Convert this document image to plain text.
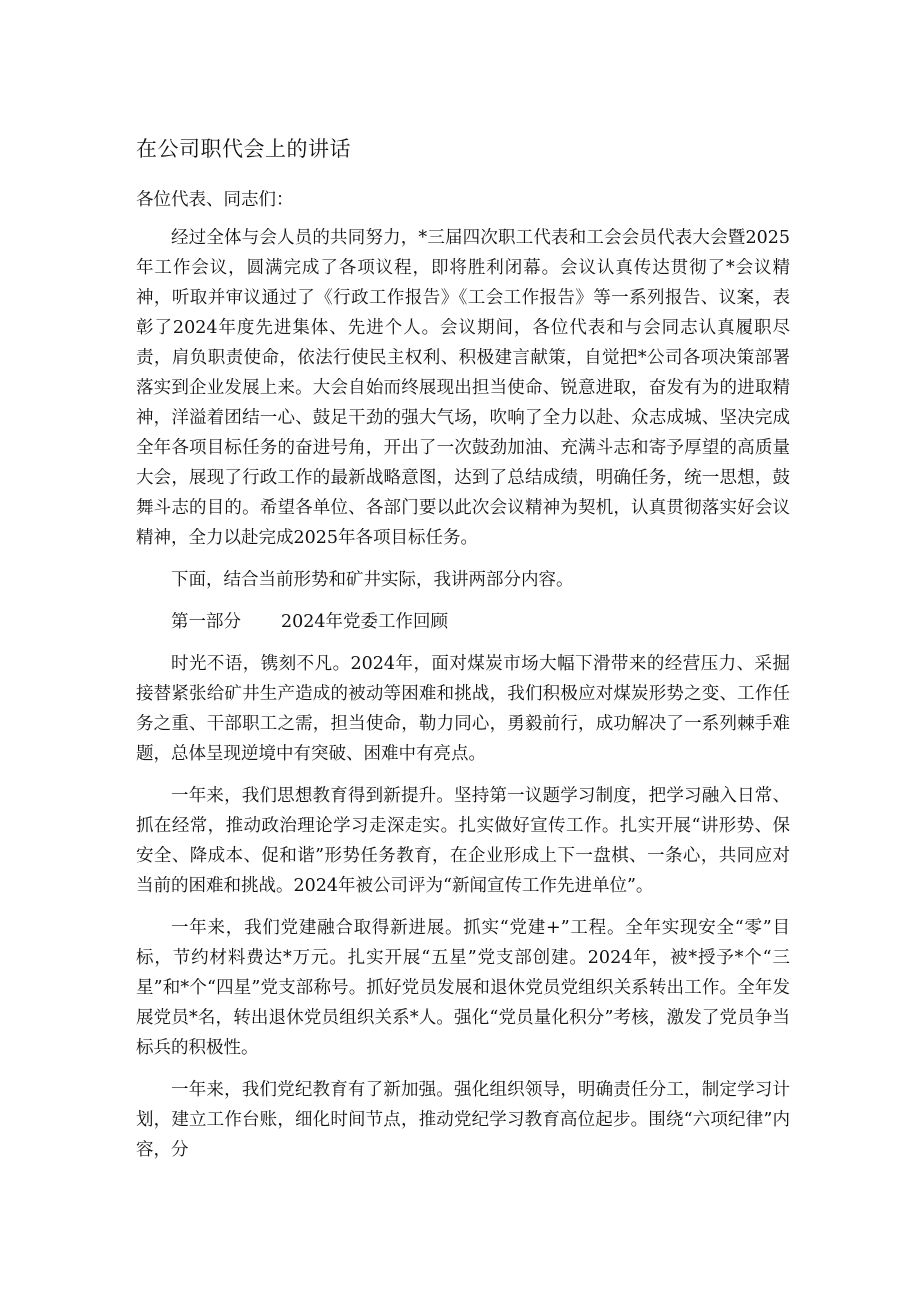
在公司职代会上的讲话
各位代表、同志们：

经过全体与会人员的共同努力，*三届四次职工代表和工会会员代表大会暨2025年工作会议，圆满完成了各项议程，即将胜利闭幕。会议认真传达贯彻了*会议精神，听取并审议通过了《行政工作报告》《工会工作报告》等一系列报告、议案，表彰了2024年度先进集体、先进个人。会议期间，各位代表和与会同志认真履职尽责，肩负职责使命，依法行使民主权利、积极建言献策，自觉把*公司各项决策部署落实到企业发展上来。大会自始而终展现出担当使命、锐意进取，奋发有为的进取精神，洋溢着团结一心、鼓足干劲的强大气场，吹响了全力以赴、众志成城、坚决完成全年各项目标任务的奋进号角，开出了一次鼓劲加油、充满斗志和寄予厚望的高质量大会，展现了行政工作的最新战略意图，达到了总结成绩，明确任务，统一思想，鼓舞斗志的目的。希望各单位、各部门要以此次会议精神为契机，认真贯彻落实好会议精神，全力以赴完成2025年各项目标任务。

下面，结合当前形势和矿井实际，我讲两部分内容。

第一部分 2024年党委工作回顾

时光不语，镌刻不凡。2024年，面对煤炭市场大幅下滑带来的经营压力、采掘接替紧张给矿井生产造成的被动等困难和挑战，我们积极应对煤炭形势之变、工作任务之重、干部职工之需，担当使命，勒力同心，勇毅前行，成功解决了一系列棘手难题，总体呈现逆境中有突破、困难中有亮点。

一年来，我们思想教育得到新提升。坚持第一议题学习制度，把学习融入日常、抓在经常，推动政治理论学习走深走实。扎实做好宣传工作。扎实开展“讲形势、保安全、降成本、促和谐”形势任务教育，在企业形成上下一盘棋、一条心，共同应对当前的困难和挑战。2024年被公司评为“新闻宣传工作先进单位”。

一年来，我们党建融合取得新进展。抓实“党建+”工程。全年实现安全“零”目标，节约材料费达*万元。扎实开展“五星”党支部创建。2024年，被*授予*个“三星”和*个“四星”党支部称号。抓好党员发展和退休党员党组织关系转出工作。全年发展党员*名，转出退休党员组织关系*人。强化“党员量化积分”考核，激发了党员争当标兵的积极性。

一年来，我们党纪教育有了新加强。强化组织领导，明确责任分工，制定学习计划，建立工作台账，细化时间节点，推动党纪学习教育高位起步。围绕“六项纪律”内容，分
